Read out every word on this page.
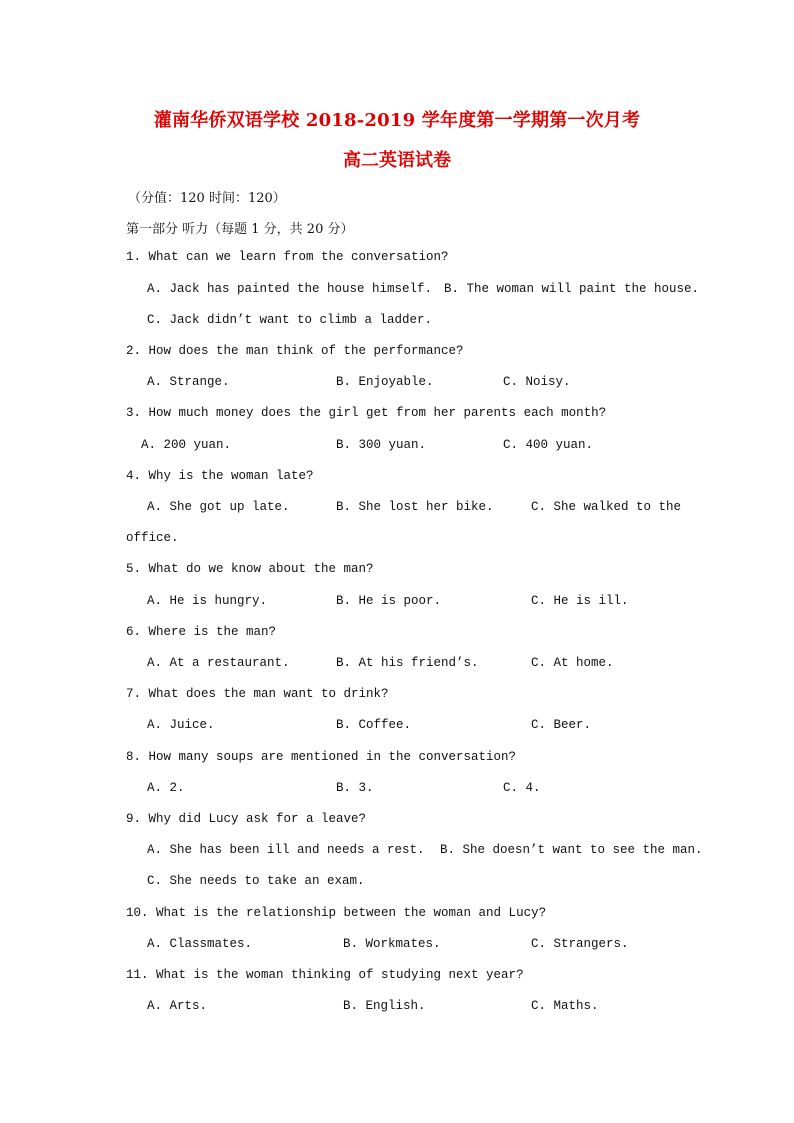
灌南华侨双语学校 2018-2019 学年度第一学期第一次月考
高二英语试卷
（分值：120 时间：120）
第一部分 听力（每题 1 分，共 20 分）
1. What can we learn from the conversation?
A. Jack has painted the house himself. B. The woman will paint the house.
C. Jack didn’t want to climb a ladder.
2. How does the man think of the performance?
A. Strange.	B. Enjoyable.	C. Noisy.
3. How much money does the girl get from her parents each month?
A. 200 yuan.	B. 300 yuan.	C. 400 yuan.
4. Why is the woman late?
A. She got up late.	B. She lost her bike.	C. She walked to the
office.
5. What do we know about the man?
A. He is hungry.	B. He is poor.	C. He is ill.
6. Where is the man?
A. At a restaurant.	B. At his friend’s.	C. At home.
7. What does the man want to drink?
A. Juice.	B. Coffee.	C. Beer.
8. How many soups are mentioned in the conversation?
A. 2.	B. 3.	C. 4.
9. Why did Lucy ask for a leave?
A. She has been ill and needs a rest. B. She doesn’t want to see the man.
C. She needs to take an exam.
10. What is the relationship between the woman and Lucy?
A. Classmates.	B. Workmates.	C. Strangers.
11. What is the woman thinking of studying next year?
A. Arts.	B. English.	C. Maths.
